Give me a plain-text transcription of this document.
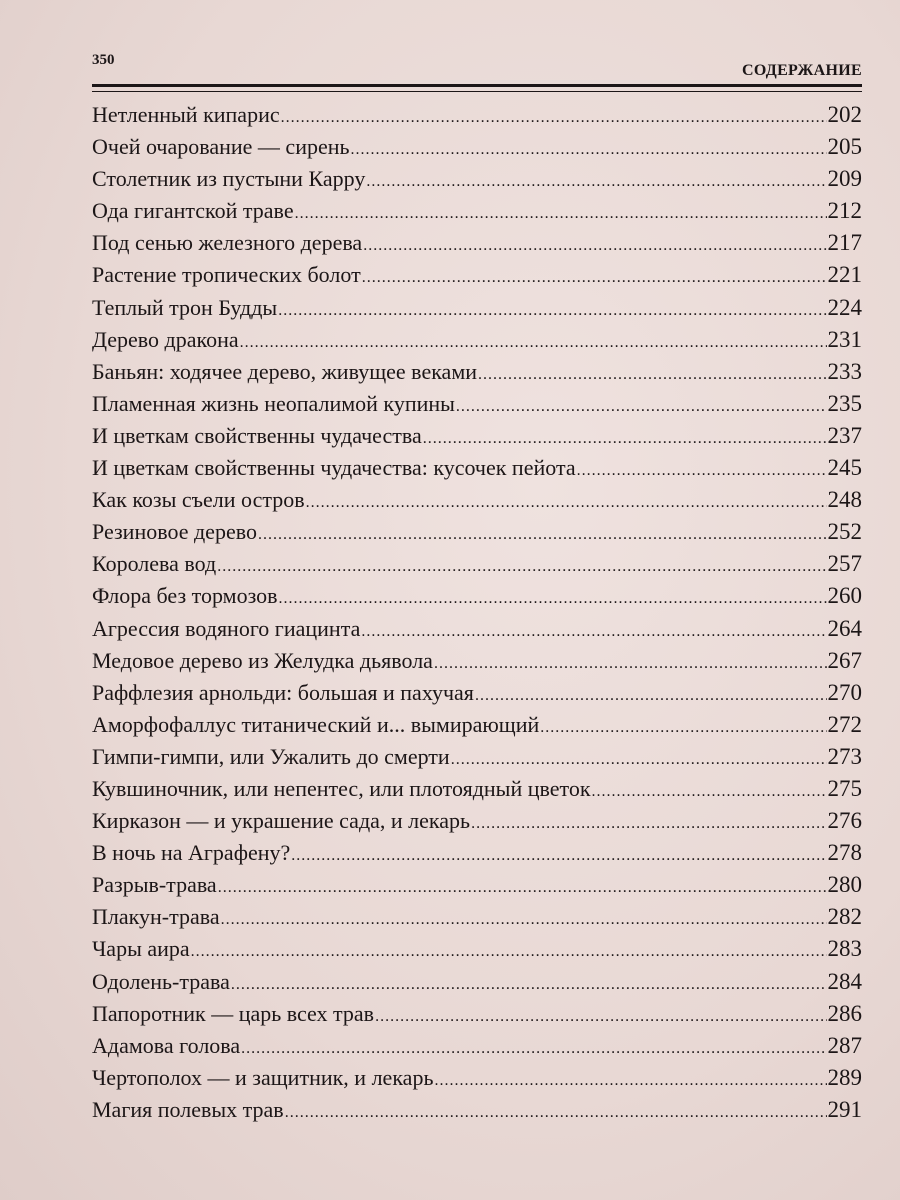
350
СОДЕРЖАНИЕ
Нетленный кипарис .....	202
Очей очарование — сирень .....	205
Столетник из пустыни Карру .....	209
Ода гигантской траве .....	212
Под сенью железного дерева .....	217
Растение тропических болот .....	221
Теплый трон Будды .....	224
Дерево дракона .....	231
Баньян: ходячее дерево, живущее веками .....	233
Пламенная жизнь неопалимой купины .....	235
И цветкам свойственны чудачества .....	237
И цветкам свойственны чудачества: кусочек пейота .....	245
Как козы съели остров .....	248
Резиновое дерево .....	252
Королева вод .....	257
Флора без тормозов .....	260
Агрессия водяного гиацинта .....	264
Медовое дерево из Желудка дьявола .....	267
Раффлезия арнольди: большая и пахучая .....	270
Аморфофаллус титанический и... вымирающий .....	272
Гимпи-гимпи, или Ужалить до смерти .....	273
Кувшиночник, или непентес, или плотоядный цветок .....	275
Кирказон — и украшение сада, и лекарь .....	276
В ночь на Аграфену? .....	278
Разрыв-трава .....	280
Плакун-трава .....	282
Чары аира .....	283
Одолень-трава .....	284
Папоротник — царь всех трав .....	286
Адамова голова .....	287
Чертополох — и защитник, и лекарь .....	289
Магия полевых трав .....	291
